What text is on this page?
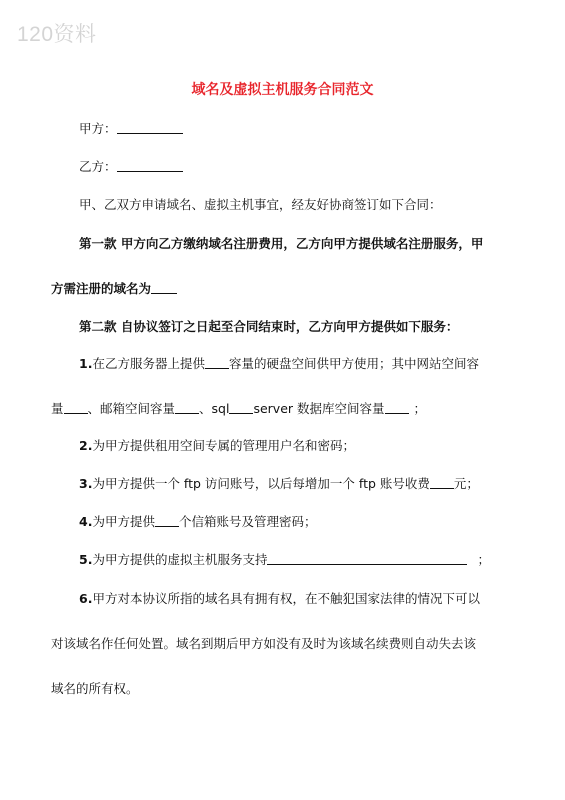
120资料
域名及虚拟主机服务合同范文
甲方：
乙方：
甲、乙双方申请域名、虚拟主机事宜，经友好协商签订如下合同：
第一款 甲方向乙方缴纳域名注册费用，乙方向甲方提供域名注册服务，甲
方需注册的域名为
第二款 自协议签订之日起至合同结束时，乙方向甲方提供如下服务：
1.在乙方服务器上提供 容量的硬盘空间供甲方使用；其中网站空间容
量 、邮箱空间容量 、sql server 数据库空间容量 ；
2.为甲方提供租用空间专属的管理用户名和密码；
3.为甲方提供一个 ftp 访问账号，以后每增加一个 ftp 账号收费 元；
4.为甲方提供 个信箱账号及管理密码；
5.为甲方提供的虚拟主机服务支持	；
6.甲方对本协议所指的域名具有拥有权，在不触犯国家法律的情况下可以
对该域名作任何处置。域名到期后甲方如没有及时为该域名续费则自动失去该
域名的所有权。
